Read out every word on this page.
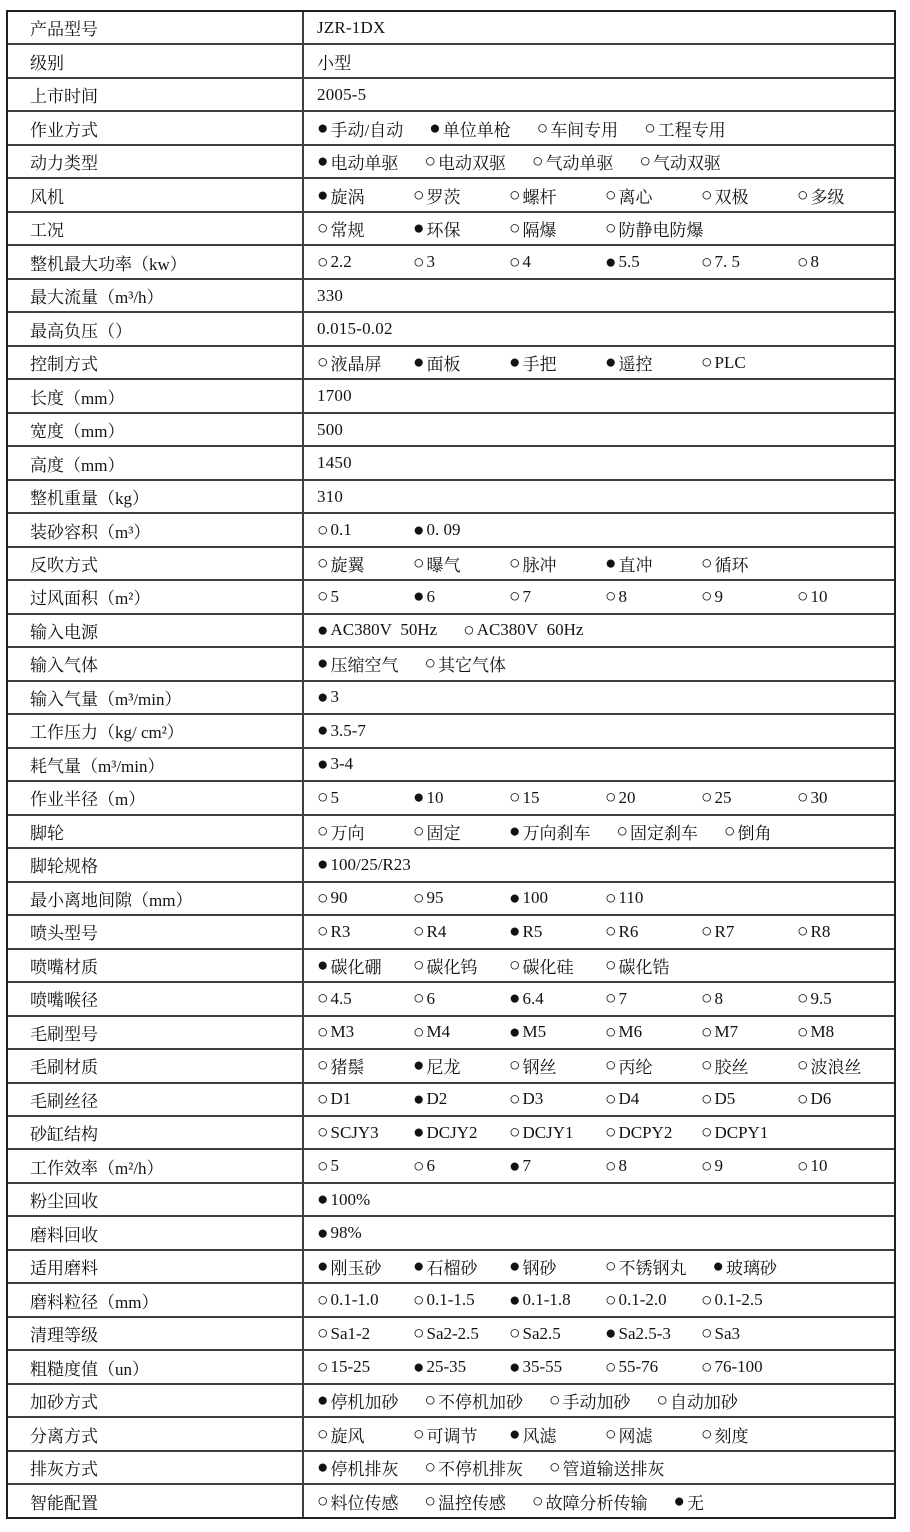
产品型号	JZR-1DX
级别	小型
上市时间	2005-5
作业方式	● 手动/自动 ● 单位单枪 ○ 车间专用 ○ 工程专用
动力类型	● 电动单驱 ○ 电动双驱 ○ 气动单驱 ○ 气动双驱
风机	● 旋涡	○ 罗茨	○ 螺杆	○ 离心	○ 双极	○ 多级
工况	○ 常规	● 环保	○ 隔爆	○ 防静电防爆
整机最大功率（kw）	○ 2.2	○ 3	○ 4	● 5.5	○ 7. 5	○ 8
最大流量（m³/h）	330
最高负压（）	0.015-0.02
控制方式	○ 液晶屏 ● 面板	● 手把	● 遥控	○ PLC
长度（mm）	1700
宽度（mm）	500
高度（mm）	1450
整机重量（kg）	310
装砂容积（m³）	○ 0.1	● 0. 09
反吹方式	○ 旋翼	○ 曝气	○ 脉冲	● 直冲	○ 循环
过风面积（m²）	○ 5	● 6	○ 7	○ 8	○ 9	○ 10
输入电源	● AC380V  50Hz ○ AC380V  60Hz
输入气体	● 压缩空气 ○ 其它气体
输入气量（m³/min）	● 3
工作压力（kg/ cm²）	● 3.5-7
耗气量（m³/min）	● 3-4
作业半径（m）	○ 5	● 10	○ 15	○ 20	○ 25	○ 30
脚轮	○ 万向	○ 固定	● 万向刹车 ○ 固定刹车 ○ 倒角
脚轮规格	● 100/25/R23
最小离地间隙（mm）	○ 90	○ 95	● 100	○ 110
喷头型号	○ R3	○ R4	● R5	○ R6	○ R7	○ R8
喷嘴材质	● 碳化硼 ○ 碳化钨 ○ 碳化硅 ○ 碳化锆
喷嘴喉径	○ 4.5	○ 6	● 6.4	○ 7	○ 8	○ 9.5
毛刷型号	○ M3	○ M4	● M5	○ M6	○ M7	○ M8
毛刷材质	○ 猪鬃	● 尼龙	○ 钢丝	○ 丙纶	○ 胶丝	○ 波浪丝
毛刷丝径	○ D1	● D2	○ D3	○ D4	○ D5	○ D6
砂缸结构	○ SCJY3 ● DCJY2 ○ DCJY1 ○ DCPY2 ○ DCPY1
工作效率（m²/h）	○ 5	○ 6	● 7	○ 8	○ 9	○ 10
粉尘回收	● 100%
磨料回收	● 98%
适用磨料	● 刚玉砂 ● 石榴砂 ● 钢砂	○ 不锈钢丸 ● 玻璃砂
磨料粒径（mm）	○ 0.1-1.0 ○ 0.1-1.5 ● 0.1-1.8 ○ 0.1-2.0 ○ 0.1-2.5
清理等级	○ Sa1-2 ○ Sa2-2.5 ○ Sa2.5 ● Sa2.5-3 ○ Sa3
粗糙度值（un）	○ 15-25 ● 25-35 ● 35-55 ○ 55-76 ○ 76-100
加砂方式	● 停机加砂 ○ 不停机加砂 ○ 手动加砂 ○ 自动加砂
分离方式	○ 旋风	○ 可调节 ● 风滤	○ 网滤	○ 刻度
排灰方式	● 停机排灰 ○ 不停机排灰 ○ 管道输送排灰
智能配置	○ 料位传感 ○ 温控传感 ○ 故障分析传输 ● 无
